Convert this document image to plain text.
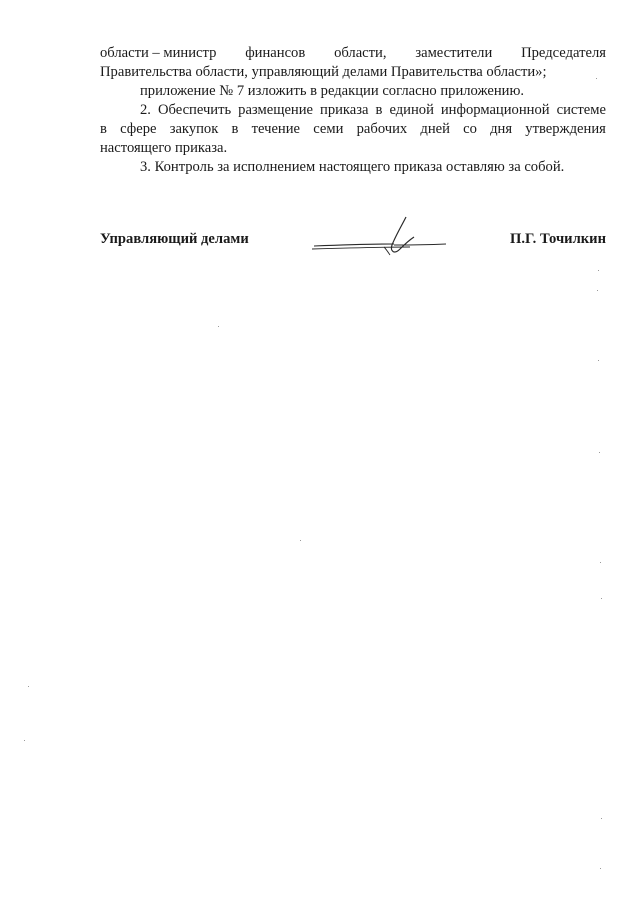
области – министр финансов области, заместители Председателя
Правительства области, управляющий делами Правительства области»;
приложение № 7 изложить в редакции согласно приложению.
2. Обеспечить размещение приказа в единой информационной системе
в сфере закупок в течение семи рабочих дней со дня утверждения
настоящего приказа.
3. Контроль за исполнением настоящего приказа оставляю за собой.
Управляющий делами	П.Г. Точилкин
